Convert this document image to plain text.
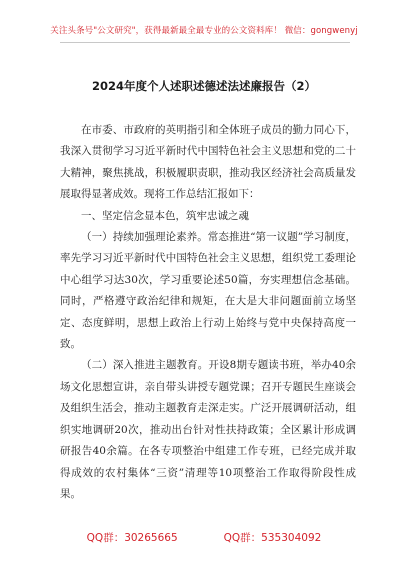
关注头条号"公文研究"，获得最新最全最专业的公文资料库！ 微信：gongwenyj
2024年度个人述职述德述法述廉报告（2）

在市委、市政府的英明指引和全体班子成员的勤力同心下，我深入贯彻学习习近平新时代中国特色社会主义思想和党的二十大精神，聚焦挑战，积极履职责职，推动我区经济社会高质量发展取得显著成效。现将工作总结汇报如下：

一、坚定信念显本色，筑牢忠诚之魂

（一）持续加强理论素养。常态推进“第一议题”学习制度，率先学习习近平新时代中国特色社会主义思想，组织党工委理论中心组学习达30次，学习重要论述50篇，夯实理想信念基础。同时，严格遵守政治纪律和规矩，在大是大非问题面前立场坚定、态度鲜明，思想上政治上行动上始终与党中央保持高度一致。

（二）深入推进主题教育。开设8期专题读书班，举办40余场文化思想宣讲，亲自带头讲授专题党课；召开专题民生座谈会及组织生活会，推动主题教育走深走实。广泛开展调研活动，组织实地调研20次，推动出台针对性扶持政策；全区累计形成调研报告40余篇。在各专项整治中组建工作专班，已经完成并取得成效的农村集体“三资”清理等10项整治工作取得阶段性成果。

QQ群：30265665	QQ群：535304092
